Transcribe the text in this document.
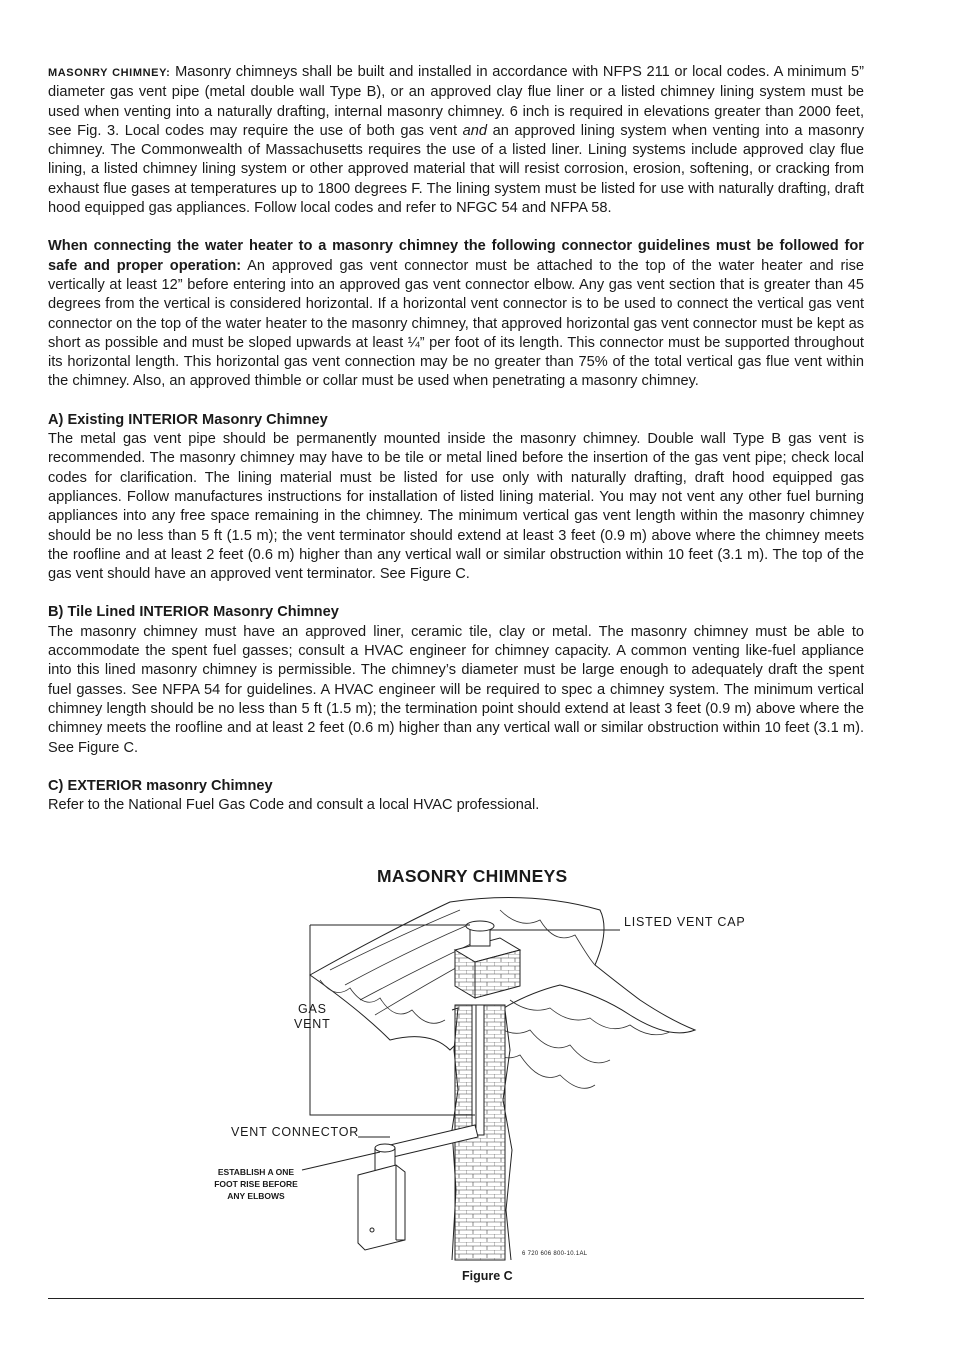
MASONRY CHIMNEY: Masonry chimneys shall be built and installed in accordance with NFPS 211 or local codes. A minimum 5” diameter gas vent pipe (metal double wall Type B), or an approved clay flue liner or a listed chimney lining system must be used when venting into a naturally drafting, internal masonry chimney. 6 inch is required in elevations greater than 2000 feet, see Fig. 3. Local codes may require the use of both gas vent and an approved lining system when venting into a masonry chimney. The Commonwealth of Massachusetts requires the use of a listed liner. Lining systems include approved clay flue lining, a listed chimney lining system or other approved material that will resist corrosion, erosion, softening, or cracking from exhaust flue gases at temperatures up to 1800 degrees F. The lining system must be listed for use with naturally drafting, draft hood equipped gas appliances. Follow local codes and refer to NFGC 54 and NFPA 58.

When connecting the water heater to a masonry chimney the following connector guidelines must be followed for safe and proper operation: An approved gas vent connector must be attached to the top of the water heater and rise vertically at least 12” before entering into an approved gas vent connector elbow. Any gas vent section that is greater than 45 degrees from the vertical is considered horizontal. If a horizontal vent connector is to be used to connect the vertical gas vent connector on the top of the water heater to the masonry chimney, that approved horizontal gas vent connector must be kept as short as possible and must be sloped upwards at least ¼” per foot of its length. This connector must be supported throughout its horizontal length. This horizontal gas vent connection may be no greater than 75% of the total vertical gas flue vent within the chimney. Also, an approved thimble or collar must be used when penetrating a masonry chimney.

A) Existing INTERIOR Masonry Chimney

The metal gas vent pipe should be permanently mounted inside the masonry chimney. Double wall Type B gas vent is recommended. The masonry chimney may have to be tile or metal lined before the insertion of the gas vent pipe; check local codes for clarification. The lining material must be listed for use only with naturally drafting, draft hood equipped gas appliances. Follow manufactures instructions for installation of listed lining material. You may not vent any other fuel burning appliances into any free space remaining in the chimney. The minimum vertical gas vent length within the masonry chimney should be no less than 5 ft (1.5 m); the vent terminator should extend at least 3 feet (0.9 m) above where the chimney meets the roofline and at least 2 feet (0.6 m) higher than any vertical wall or similar obstruction within 10 feet (3.1 m). The top of the gas vent should have an approved vent terminator. See Figure C.

B) Tile Lined INTERIOR Masonry Chimney

The masonry chimney must have an approved liner, ceramic tile, clay or metal. The masonry chimney must be able to accommodate the spent fuel gasses; consult a HVAC engineer for chimney capacity. A common venting like-fuel appliance into this lined masonry chimney is permissible. The chimney’s diameter must be large enough to adequately draft the spent fuel gasses. See NFPA 54 for guidelines. A HVAC engineer will be required to spec a chimney system. The minimum vertical chimney length should be no less than 5 ft (1.5 m); the termination point should extend at least 3 feet (0.9 m) above where the chimney meets the roofline and at least 2 feet (0.6 m) higher than any vertical wall or similar obstruction within 10 feet (3.1 m). See Figure C.

C) EXTERIOR masonry Chimney

Refer to the National Fuel Gas Code and consult a local HVAC professional.

MASONRY CHIMNEYS
LISTED VENT CAP
GAS
VENT
VENT CONNECTOR
ESTABLISH A ONE
FOOT RISE BEFORE
ANY ELBOWS
6 720 606 800-10.1AL
Figure C
